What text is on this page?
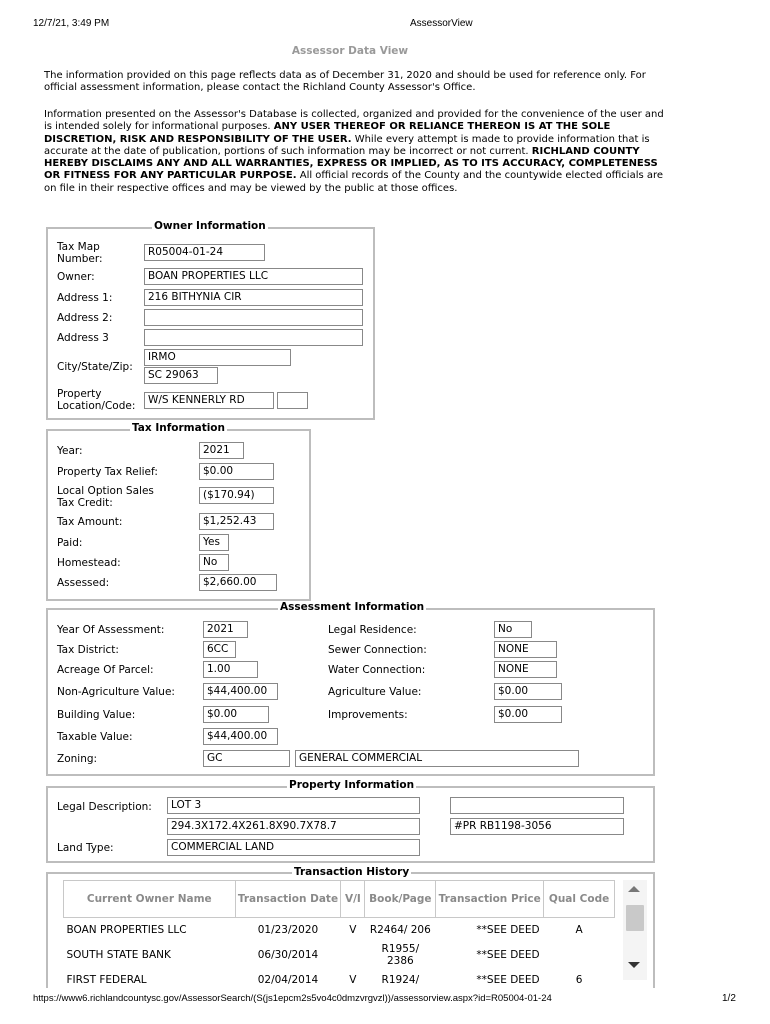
12/7/21, 3:49 PM	AssessorView
Assessor Data View
The information provided on this page reflects data as of December 31, 2020 and should be used for reference only. For official assessment information, please contact the Richland County Assessor's Office.
Information presented on the Assessor's Database is collected, organized and provided for the convenience of the user and is intended solely for informational purposes. ANY USER THEREOF OR RELIANCE THEREON IS AT THE SOLE DISCRETION, RISK AND RESPONSIBILITY OF THE USER. While every attempt is made to provide information that is accurate at the date of publication, portions of such information may be incorrect or not current. RICHLAND COUNTY HEREBY DISCLAIMS ANY AND ALL WARRANTIES, EXPRESS OR IMPLIED, AS TO ITS ACCURACY, COMPLETENESS OR FITNESS FOR ANY PARTICULAR PURPOSE. All official records of the County and the countywide elected officials are on file in their respective offices and may be viewed by the public at those offices.
Owner Information
Tax Map Number:
R05004-01-24
Owner:	BOAN PROPERTIES LLC
Address 1:	216 BITHYNIA CIR
Address 2:
Address 3
City/State/Zip:
IRMO
SC 29063
Property Location/Code:	W/S KENNERLY RD
Tax Information
Year:	2021
Property Tax Relief:	$0.00
Local Option Sales Tax Credit:
($170.94)
Tax Amount:	$1,252.43
Paid:	Yes
Homestead:	No
Assessed:	$2,660.00
Assessment Information
Year Of Assessment:	2021
Tax District:	6CC
Acreage Of Parcel:	1.00
Non-Agriculture Value:	$44,400.00
Building Value:	$0.00
Taxable Value:	$44,400.00
Zoning:	GC	GENERAL COMMERCIAL
Legal Residence:	No
Sewer Connection:	NONE
Water Connection:	NONE
Agriculture Value:	$0.00
Improvements:	$0.00
Property Information
Legal Description:	LOT 3
294.3X172.4X261.8X90.7X78.7	#PR RB1198-3056
Land Type:	COMMERCIAL LAND
Transaction History
Current Owner Name	Transaction Date	V/I	Book/Page	Transaction Price	Qual Code
BOAN PROPERTIES LLC	01/23/2020	V	R2464/ 206	**SEE DEED	A
SOUTH STATE BANK	06/30/2014		R1955/ 2386	**SEE DEED	
FIRST FEDERAL	02/04/2014	V	R1924/	**SEE DEED	6
https://www6.richlandcountysc.gov/AssessorSearch/(S(js1epcm2s5vo4c0dmzvrgvzl))/assessorview.aspx?id=R05004-01-24	1/2
